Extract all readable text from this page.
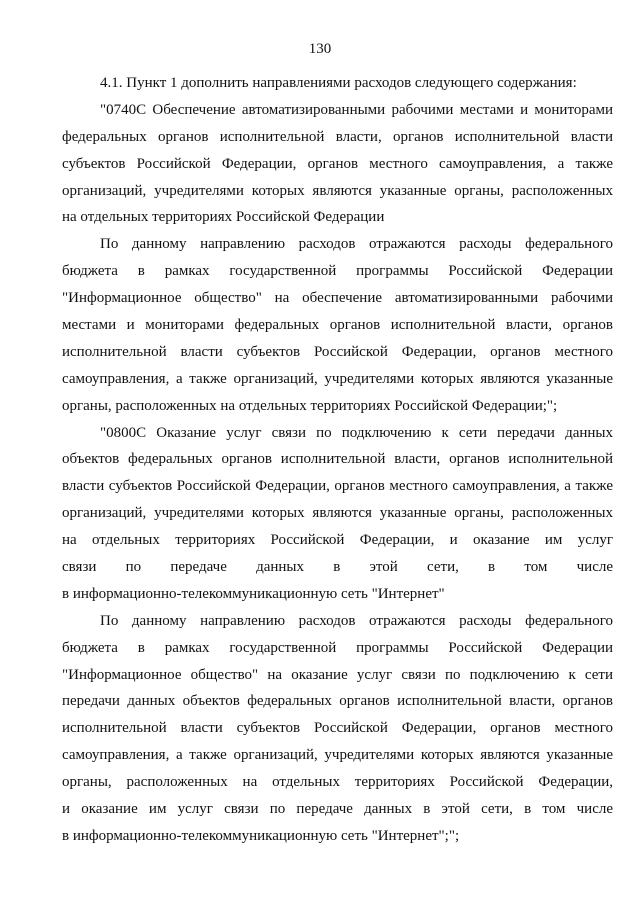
130
4.1. Пункт 1 дополнить направлениями расходов следующего содержания:
"0740С Обеспечение автоматизированными рабочими местами и мониторами
федеральных органов исполнительной власти, органов исполнительной власти
субъектов Российской Федерации, органов местного самоуправления, а также
организаций, учредителями которых являются указанные органы, расположенных
на отдельных территориях Российской Федерации
По данному направлению расходов отражаются расходы федерального
бюджета в рамках государственной программы Российской Федерации
"Информационное общество" на обеспечение автоматизированными рабочими
местами и мониторами федеральных органов исполнительной власти, органов
исполнительной власти субъектов Российской Федерации, органов местного
самоуправления, а также организаций, учредителями которых являются указанные
органы, расположенных на отдельных территориях Российской Федерации;";
"0800С Оказание услуг связи по подключению к сети передачи данных
объектов федеральных органов исполнительной власти, органов исполнительной
власти субъектов Российской Федерации, органов местного самоуправления, а также
организаций, учредителями которых являются указанные органы, расположенных
на отдельных территориях Российской Федерации, и оказание им услуг
связи по передаче данных в этой сети, в том числе
в информационно-телекоммуникационную сеть "Интернет"
По данному направлению расходов отражаются расходы федерального
бюджета в рамках государственной программы Российской Федерации
"Информационное общество" на оказание услуг связи по подключению к сети
передачи данных объектов федеральных органов исполнительной власти, органов
исполнительной власти субъектов Российской Федерации, органов местного
самоуправления, а также организаций, учредителями которых являются указанные
органы, расположенных на отдельных территориях Российской Федерации,
и оказание им услуг связи по передаче данных в этой сети, в том числе
в информационно-телекоммуникационную сеть "Интернет";";
